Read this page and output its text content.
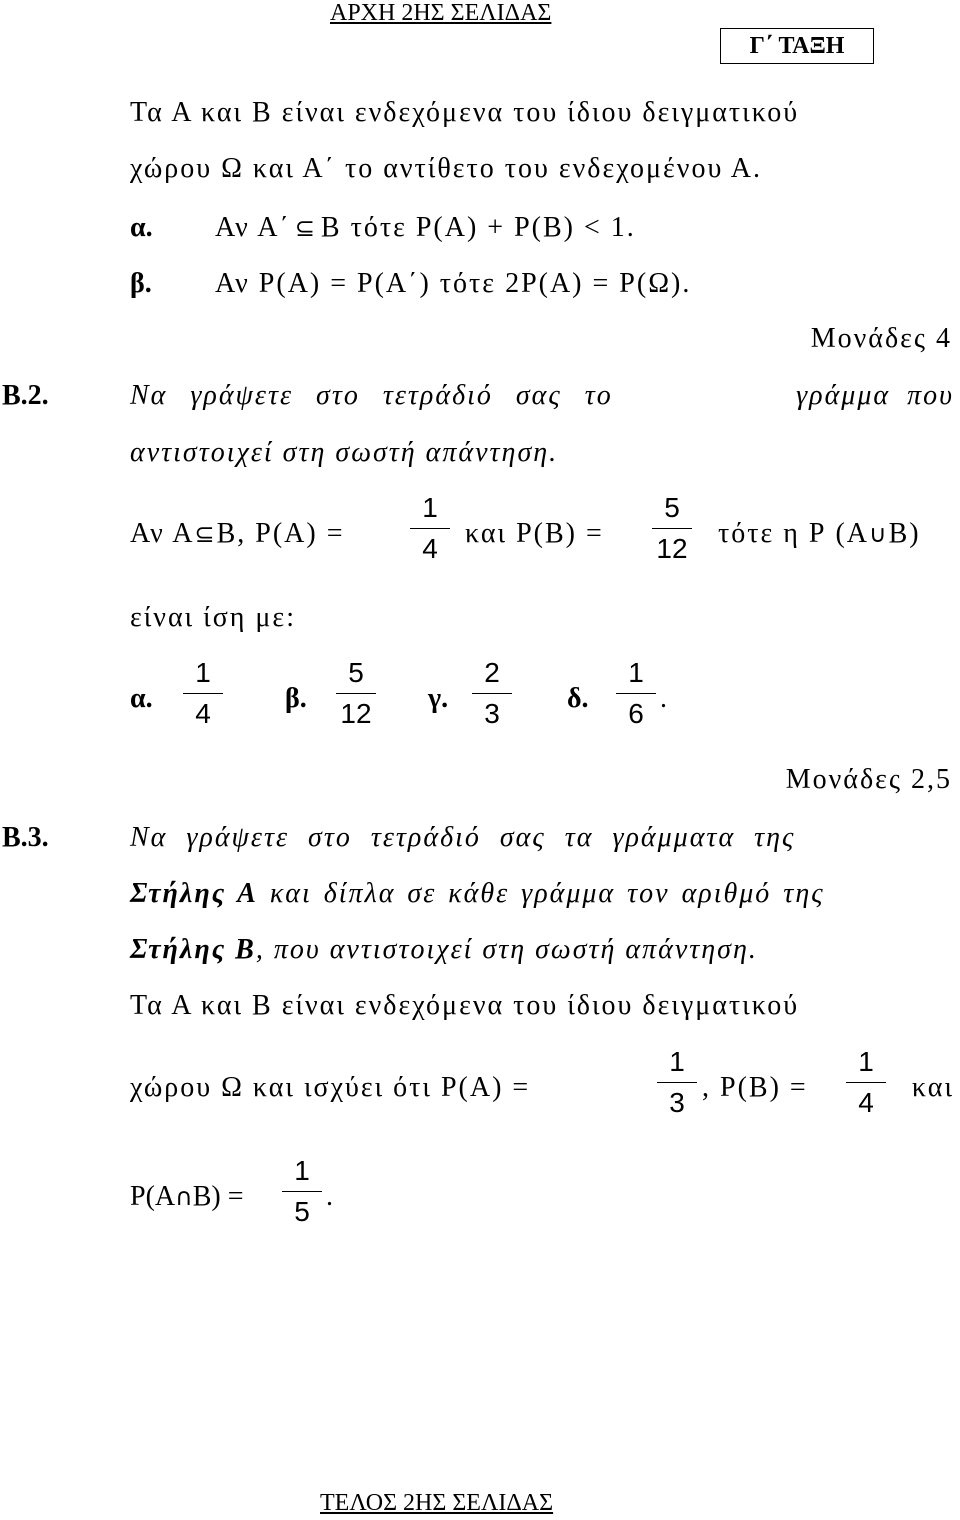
ΑΡΧΗ 2ΗΣ ΣΕΛΙΔΑΣ
Γ΄ ΤΑΞΗ
Τα Α και Β είναι ενδεχόμενα του ίδιου δειγματικού
χώρου Ω και Α΄ το αντίθετο του ενδεχομένου Α.
α. Αν Α΄ ⊆ Β τότε Ρ(Α) + Ρ(Β) < 1.
β. Αν Ρ(Α) = Ρ(Α΄) τότε 2Ρ(Α) = Ρ(Ω).
Μονάδες 4
Β.2.	Να γράψετε στο τετράδιό σας το	γράμμα που
αντιστοιχεί στη σωστή απάντηση.
Αν Α⊆Β, Ρ(Α) =
1
4 και Ρ(Β) =
5
12 τότε η Ρ (Α∪Β)
είναι ίση με:
α.
1
4	β.
5
12 γ.
2
3	δ.
1
6 .
Μονάδες 2,5
Β.3.	Να γράψετε στο τετράδιό σας τα γράμματα της
Στήλης Α και δίπλα σε κάθε γράμμα τον αριθμό της
Στήλης Β, που αντιστοιχεί στη σωστή απάντηση.
Τα Α και Β είναι ενδεχόμενα του ίδιου δειγματικού
χώρου Ω και ισχύει ότι Ρ(Α) =
1
3 , Ρ(Β) =
1
4	και
Ρ(Α∩Β) =
1
5 .
ΤΕΛΟΣ 2ΗΣ ΣΕΛΙΔΑΣ
